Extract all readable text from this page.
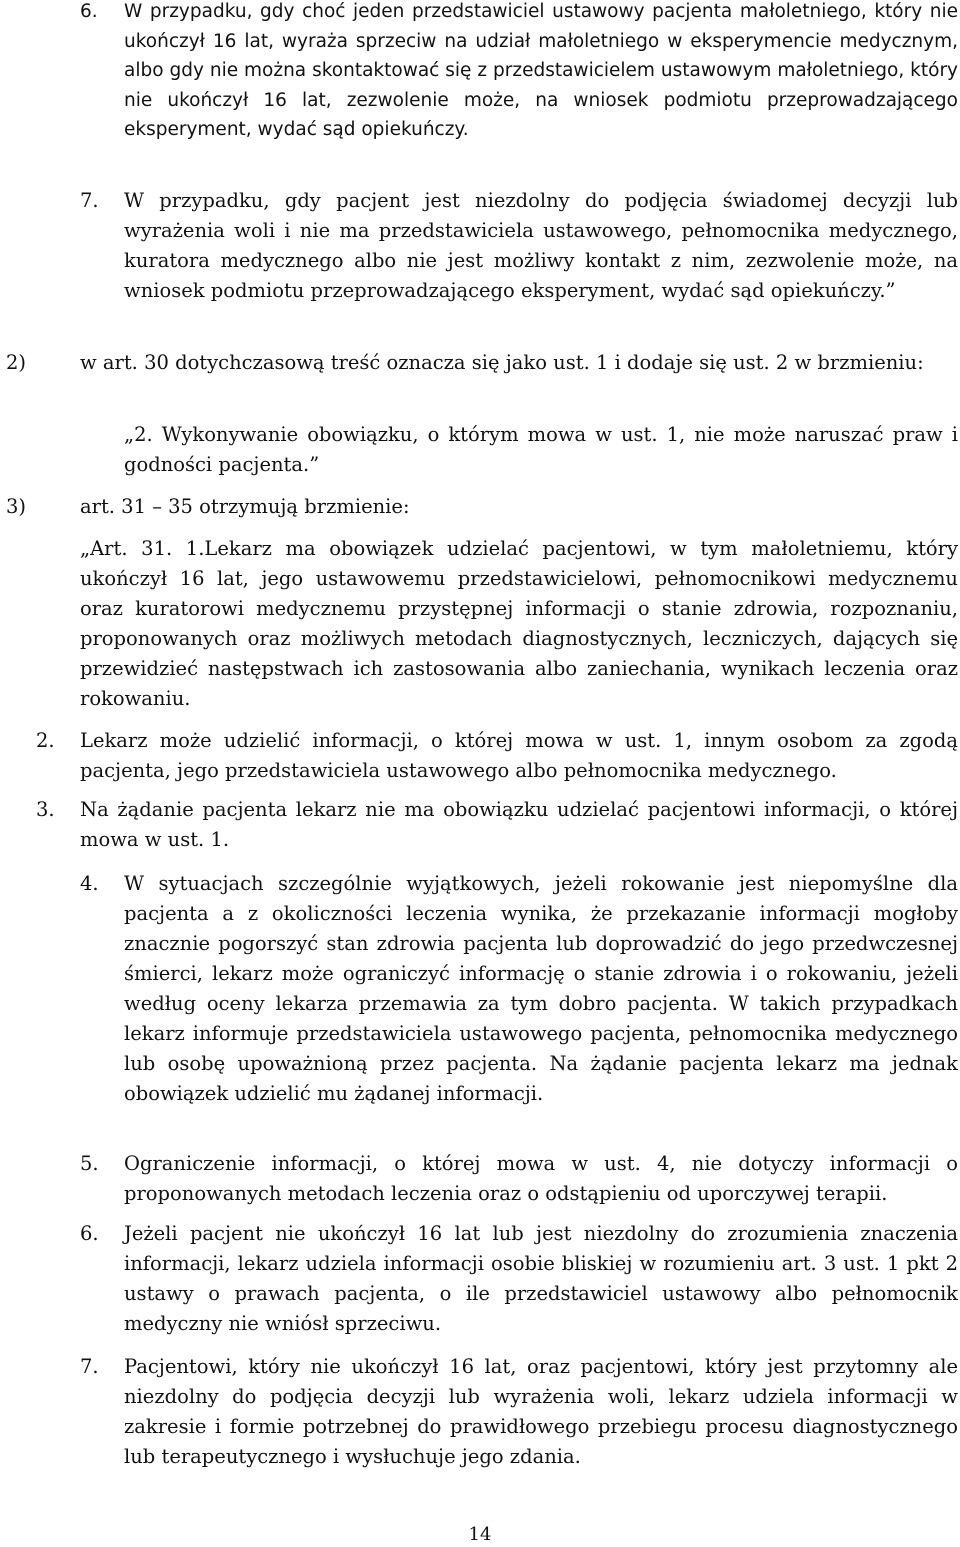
6. W przypadku, gdy choć jeden przedstawiciel ustawowy pacjenta małoletniego, który nie ukończył 16 lat, wyraża sprzeciw na udział małoletniego w eksperymencie medycznym, albo gdy nie można skontaktować się z przedstawicielem ustawowym małoletniego, który nie ukończył 16 lat, zezwolenie może, na wniosek podmiotu przeprowadzającego eksperyment, wydać sąd opiekuńczy.

7. W przypadku, gdy pacjent jest niezdolny do podjęcia świadomej decyzji lub wyrażenia woli i nie ma przedstawiciela ustawowego, pełnomocnika medycznego, kuratora medycznego albo nie jest możliwy kontakt z nim, zezwolenie może, na wniosek podmiotu przeprowadzającego eksperyment, wydać sąd opiekuńczy.”

2)	w art. 30 dotychczasową treść oznacza się jako ust. 1 i dodaje się ust. 2 w brzmieniu:

„2. Wykonywanie obowiązku, o którym mowa w ust. 1, nie może naruszać praw i godności pacjenta.”

3)	art. 31 – 35 otrzymują brzmienie:

„Art. 31. 1.Lekarz ma obowiązek udzielać pacjentowi, w tym małoletniemu, który ukończył 16 lat, jego ustawowemu przedstawicielowi, pełnomocnikowi medycznemu oraz kuratorowi medycznemu przystępnej informacji o stanie zdrowia, rozpoznaniu, proponowanych oraz możliwych metodach diagnostycznych, leczniczych, dających się przewidzieć następstwach ich zastosowania albo zaniechania, wynikach leczenia oraz rokowaniu.

2. Lekarz może udzielić informacji, o której mowa w ust. 1, innym osobom za zgodą pacjenta, jego przedstawiciela ustawowego albo pełnomocnika medycznego.

3. Na żądanie pacjenta lekarz nie ma obowiązku udzielać pacjentowi informacji, o której mowa w ust. 1.

4. W sytuacjach szczególnie wyjątkowych, jeżeli rokowanie jest niepomyślne dla pacjenta a z okoliczności leczenia wynika, że przekazanie informacji mogłoby znacznie pogorszyć stan zdrowia pacjenta lub doprowadzić do jego przedwczesnej śmierci, lekarz może ograniczyć informację o stanie zdrowia i o rokowaniu, jeżeli według oceny lekarza przemawia za tym dobro pacjenta. W takich przypadkach lekarz informuje przedstawiciela ustawowego pacjenta, pełnomocnika medycznego lub osobę upoważnioną przez pacjenta. Na żądanie pacjenta lekarz ma jednak obowiązek udzielić mu żądanej informacji.

5. Ograniczenie informacji, o której mowa w ust. 4, nie dotyczy informacji o proponowanych metodach leczenia oraz o odstąpieniu od uporczywej terapii.

6. Jeżeli pacjent nie ukończył 16 lat lub jest niezdolny do zrozumienia znaczenia informacji, lekarz udziela informacji osobie bliskiej w rozumieniu art. 3 ust. 1 pkt 2 ustawy o prawach pacjenta, o ile przedstawiciel ustawowy albo pełnomocnik medyczny nie wniósł sprzeciwu.

7. Pacjentowi, który nie ukończył 16 lat, oraz pacjentowi, który jest przytomny ale niezdolny do podjęcia decyzji lub wyrażenia woli, lekarz udziela informacji w zakresie i formie potrzebnej do prawidłowego przebiegu procesu diagnostycznego lub terapeutycznego i wysłuchuje jego zdania.

14
